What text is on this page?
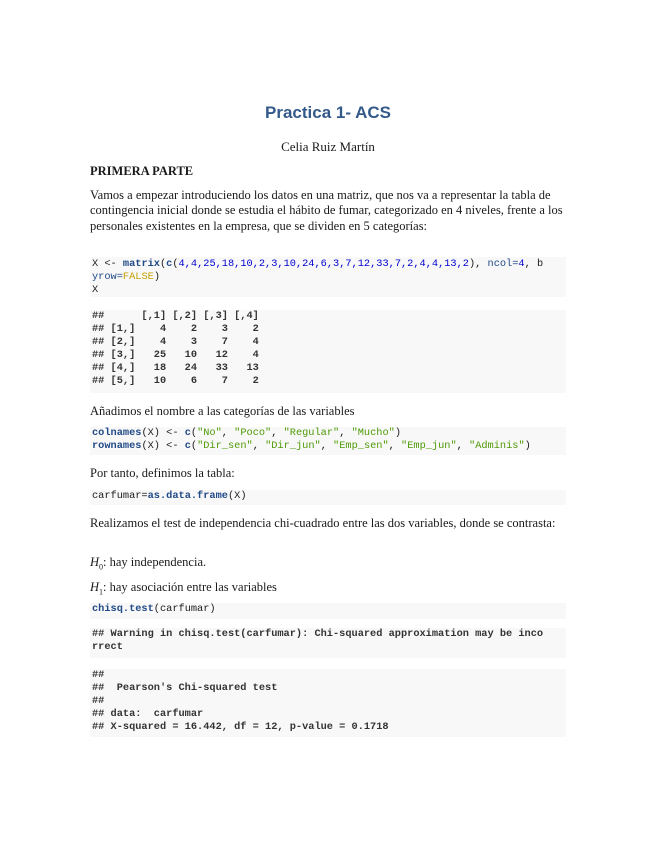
Practica 1- ACS
Celia Ruiz Martín
PRIMERA PARTE
Vamos a empezar introduciendo los datos en una matriz, que nos va a representar la tabla de contingencia inicial donde se estudia el hábito de fumar, categorizado en 4 niveles, frente a los personales existentes en la empresa, que se dividen en 5 categorías:
X <- matrix(c(4,4,25,18,10,2,3,10,24,6,3,7,12,33,7,2,4,4,13,2), ncol=4, b
yrow=FALSE)
X
##      [,1] [,2] [,3] [,4]
## [1,]    4    2    3    2
## [2,]    4    3    7    4
## [3,]   25   10   12    4
## [4,]   18   24   33   13
## [5,]   10    6    7    2
Añadimos el nombre a las categorías de las variables
colnames(X) <- c("No", "Poco", "Regular", "Mucho")
rownames(X) <- c("Dir_sen", "Dir_jun", "Emp_sen", "Emp_jun", "Adminis")
Por tanto, definimos la tabla:
carfumar=as.data.frame(X)
Realizamos el test de independencia chi-cuadrado entre las dos variables, donde se contrasta:
$H_0$: hay independencia.
$H_1$: hay asociación entre las variables
chisq.test(carfumar)
## Warning in chisq.test(carfumar): Chi-squared approximation may be inco
rrect
##
##  Pearson's Chi-squared test
##
## data:  carfumar
## X-squared = 16.442, df = 12, p-value = 0.1718
